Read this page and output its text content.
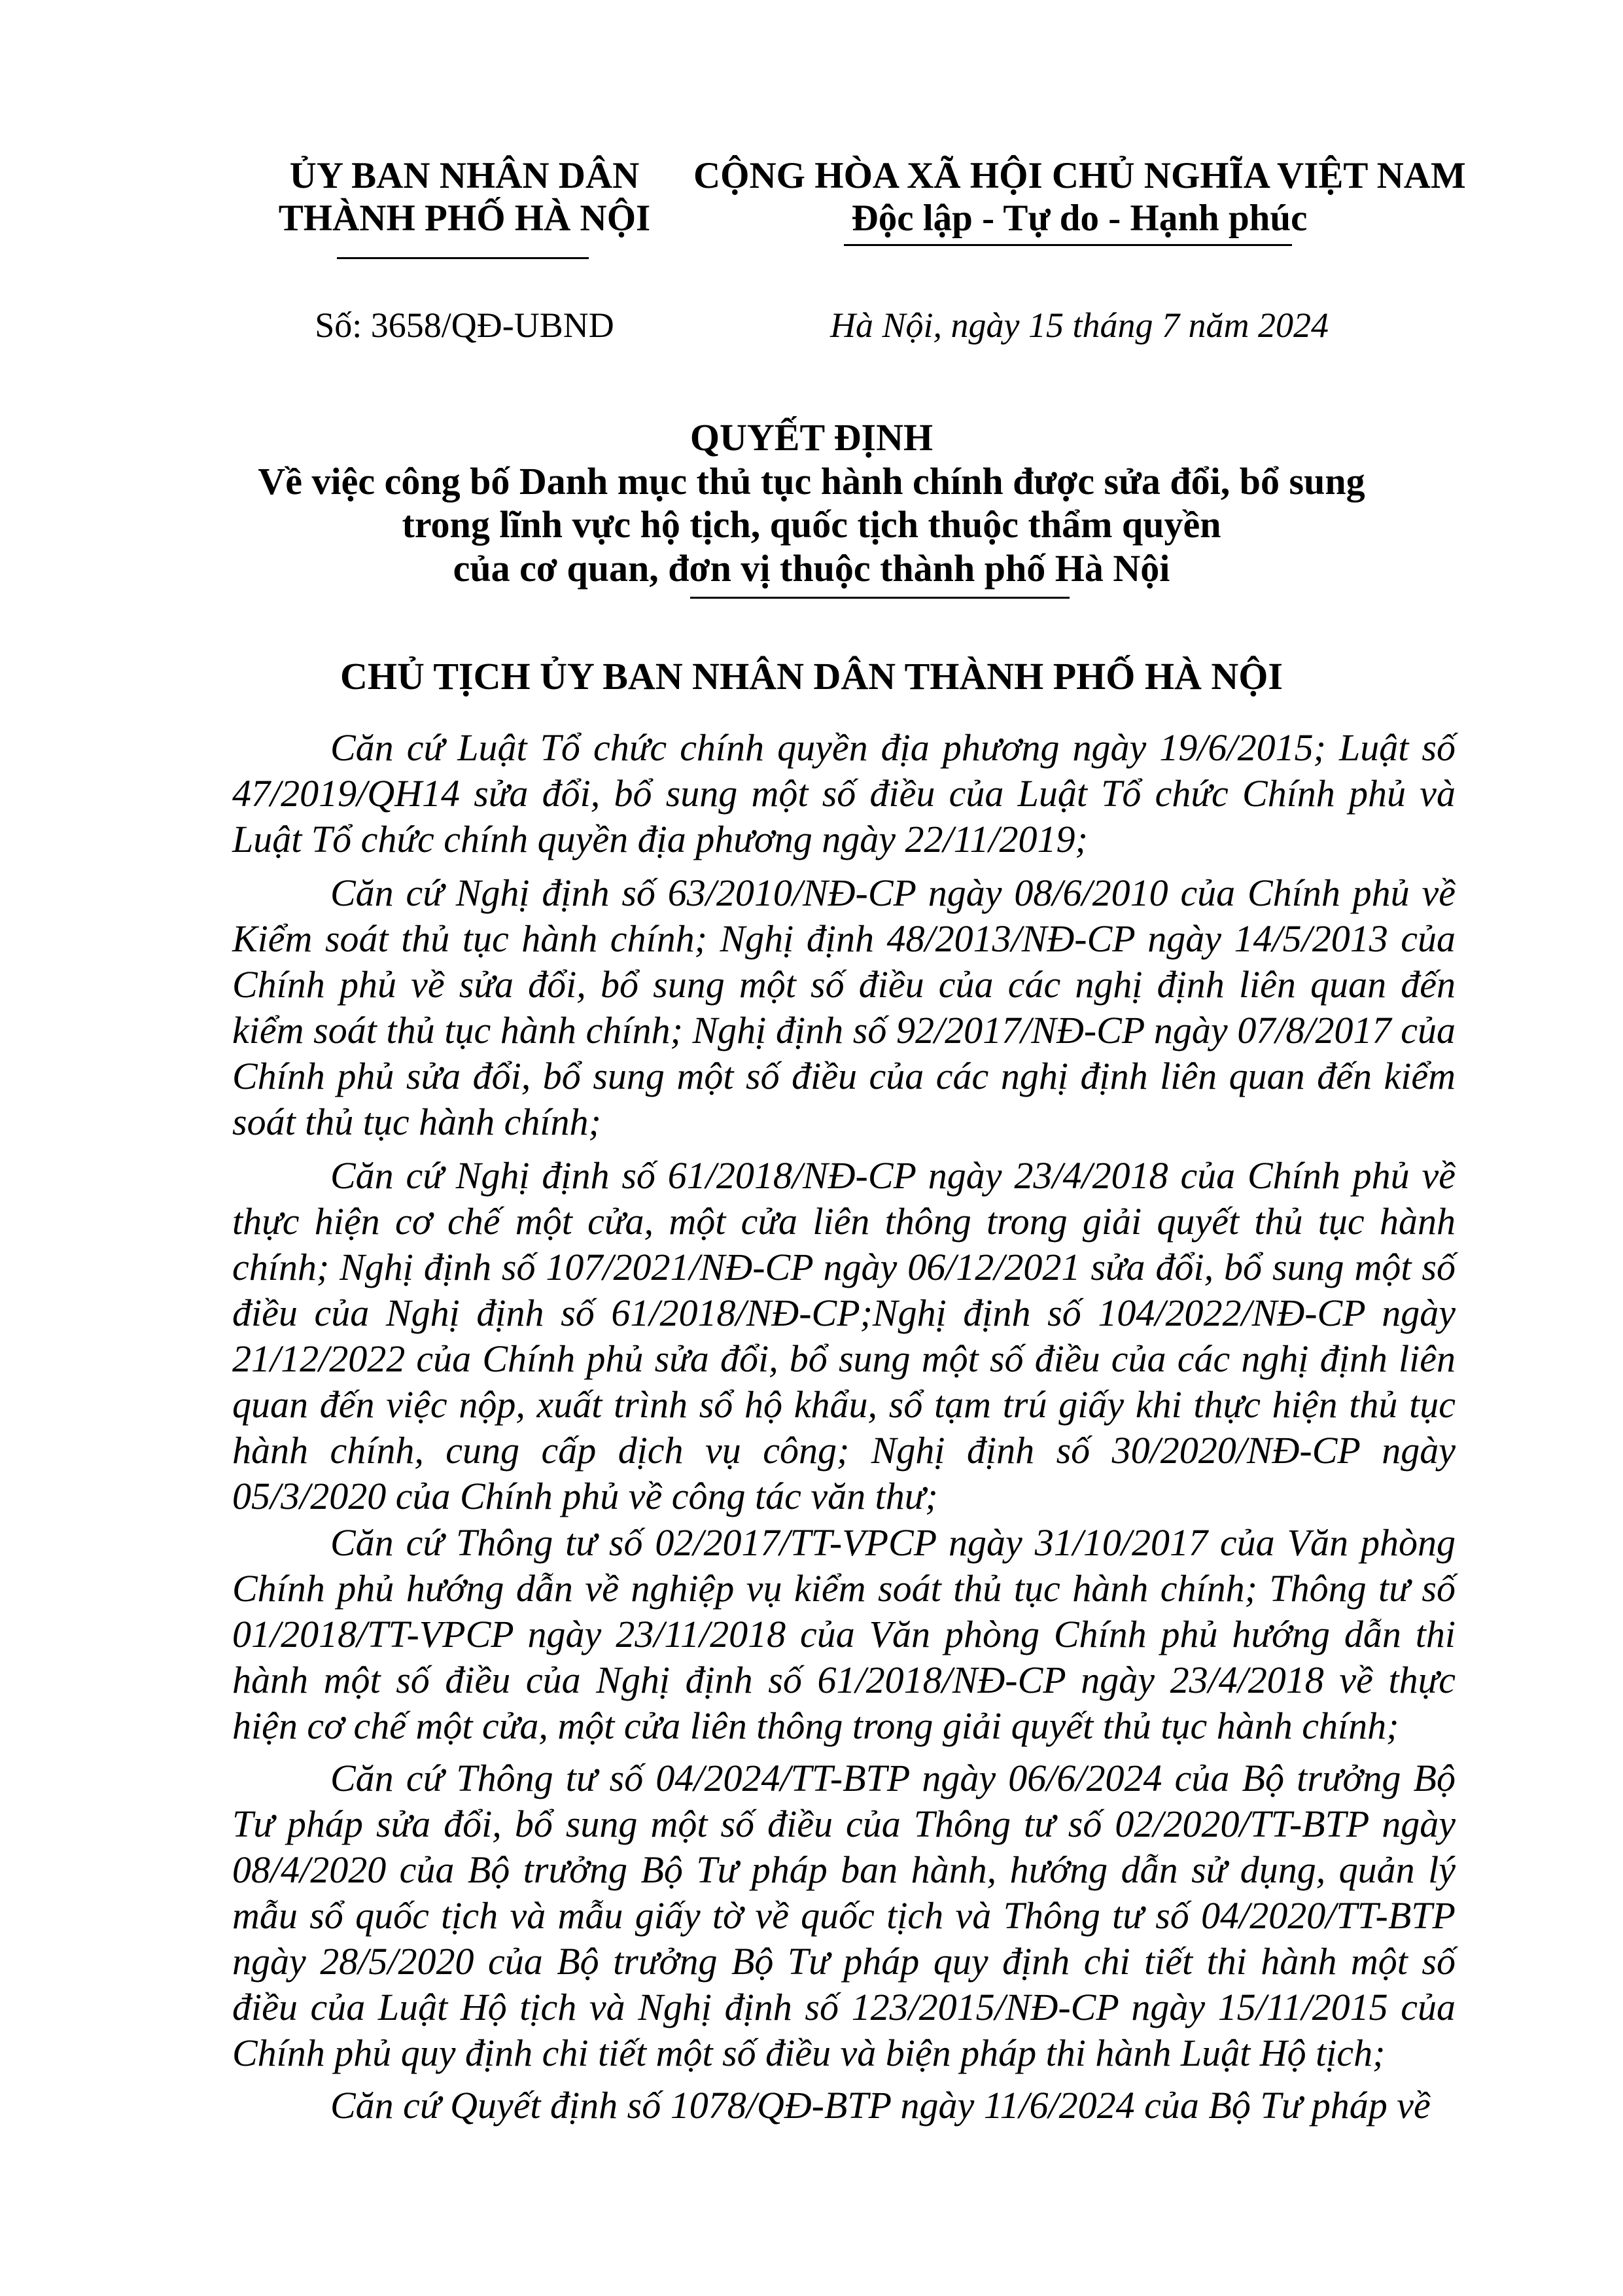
ỦY BAN NHÂN DÂN
THÀNH PHỐ HÀ NỘI
CỘNG HÒA XÃ HỘI CHỦ NGHĨA VIỆT NAM
Độc lập - Tự do - Hạnh phúc
Số: 3658/QĐ-UBND	Hà Nội, ngày 15 tháng 7 năm 2024
QUYẾT ĐỊNH
Về việc công bố Danh mục thủ tục hành chính được sửa đổi, bổ sung
trong lĩnh vực hộ tịch, quốc tịch thuộc thẩm quyền
của cơ quan, đơn vị thuộc thành phố Hà Nội
CHỦ TỊCH ỦY BAN NHÂN DÂN THÀNH PHỐ HÀ NỘI
Căn cứ Luật Tổ chức chính quyền địa phương ngày 19/6/2015; Luật số 47/2019/QH14 sửa đổi, bổ sung một số điều của Luật Tổ chức Chính phủ và Luật Tổ chức chính quyền địa phương ngày 22/11/2019;
Căn cứ Nghị định số 63/2010/NĐ-CP ngày 08/6/2010 của Chính phủ về Kiểm soát thủ tục hành chính; Nghị định 48/2013/NĐ-CP ngày 14/5/2013 của Chính phủ về sửa đổi, bổ sung một số điều của các nghị định liên quan đến kiểm soát thủ tục hành chính; Nghị định số 92/2017/NĐ-CP ngày 07/8/2017 của Chính phủ sửa đổi, bổ sung một số điều của các nghị định liên quan đến kiểm soát thủ tục hành chính;
Căn cứ Nghị định số 61/2018/NĐ-CP ngày 23/4/2018 của Chính phủ về thực hiện cơ chế một cửa, một cửa liên thông trong giải quyết thủ tục hành chính; Nghị định số 107/2021/NĐ-CP ngày 06/12/2021 sửa đổi, bổ sung một số điều của Nghị định số 61/2018/NĐ-CP;Nghị định số 104/2022/NĐ-CP ngày 21/12/2022 của Chính phủ sửa đổi, bổ sung một số điều của các nghị định liên quan đến việc nộp, xuất trình sổ hộ khẩu, sổ tạm trú giấy khi thực hiện thủ tục hành chính, cung cấp dịch vụ công; Nghị định số 30/2020/NĐ-CP ngày 05/3/2020 của Chính phủ về công tác văn thư;
Căn cứ Thông tư số 02/2017/TT-VPCP ngày 31/10/2017 của Văn phòng Chính phủ hướng dẫn về nghiệp vụ kiểm soát thủ tục hành chính; Thông tư số 01/2018/TT-VPCP ngày 23/11/2018 của Văn phòng Chính phủ hướng dẫn thi hành một số điều của Nghị định số 61/2018/NĐ-CP ngày 23/4/2018 về thực hiện cơ chế một cửa, một cửa liên thông trong giải quyết thủ tục hành chính;
Căn cứ Thông tư số 04/2024/TT-BTP ngày 06/6/2024 của Bộ trưởng Bộ Tư pháp sửa đổi, bổ sung một số điều của Thông tư số 02/2020/TT-BTP ngày 08/4/2020 của Bộ trưởng Bộ Tư pháp ban hành, hướng dẫn sử dụng, quản lý mẫu sổ quốc tịch và mẫu giấy tờ về quốc tịch và Thông tư số 04/2020/TT-BTP ngày 28/5/2020 của Bộ trưởng Bộ Tư pháp quy định chi tiết thi hành một số điều của Luật Hộ tịch và Nghị định số 123/2015/NĐ-CP ngày 15/11/2015 của Chính phủ quy định chi tiết một số điều và biện pháp thi hành Luật Hộ tịch;
Căn cứ Quyết định số 1078/QĐ-BTP ngày 11/6/2024 của Bộ Tư pháp về
